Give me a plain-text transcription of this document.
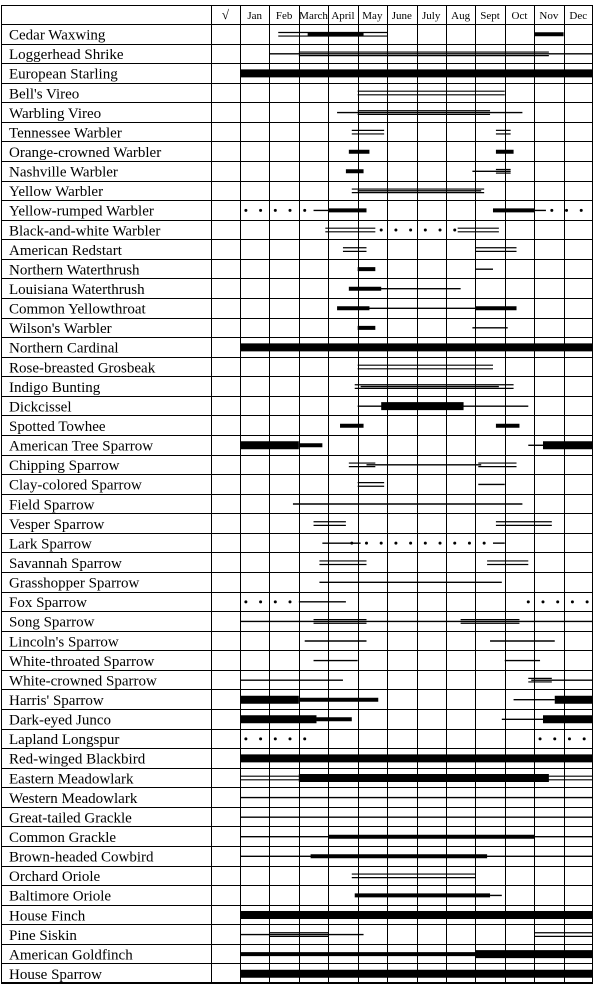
√ Jan Feb March April May June July Aug Sept Oct Nov Dec
Cedar Waxwing
Loggerhead Shrike
European Starling
Bell's Vireo
Warbling Vireo
Tennessee Warbler
Orange-crowned Warbler
Nashville Warbler
Yellow Warbler
Yellow-rumped Warbler
Black-and-white Warbler
American Redstart
Northern Waterthrush
Louisiana Waterthrush
Common Yellowthroat
Wilson's Warbler
Northern Cardinal
Rose-breasted Grosbeak
Indigo Bunting
Dickcissel
Spotted Towhee
American Tree Sparrow
Chipping Sparrow
Clay-colored Sparrow
Field Sparrow
Vesper Sparrow
Lark Sparrow
Savannah Sparrow
Grasshopper Sparrow
Fox Sparrow
Song Sparrow
Lincoln's Sparrow
White-throated Sparrow
White-crowned Sparrow
Harris' Sparrow
Dark-eyed Junco
Lapland Longspur
Red-winged Blackbird
Eastern Meadowlark
Western Meadowlark
Great-tailed Grackle
Common Grackle
Brown-headed Cowbird
Orchard Oriole
Baltimore Oriole
House Finch
Pine Siskin
American Goldfinch
House Sparrow
